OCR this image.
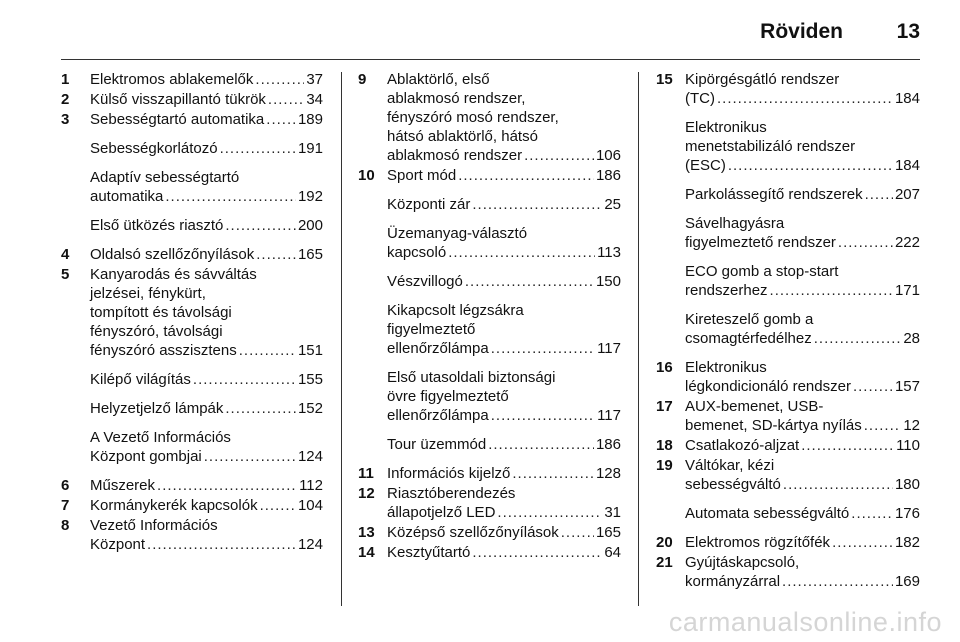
Röviden	13
1 Elektromos ablakemelők .....	37
2 Külső visszapillantó tükrök .....	34
3 Sebességtartó automatika ..... 189
Sebességkorlátozó .....	191
Adaptív sebességtartó
automatika .....	192
Első ütközés riasztó .....	200
4 Oldalsó szellőzőnyílások .....	165
5 Kanyarodás és sávváltás
jelzései, fénykürt,
tompított és távolsági
fényszóró, távolsági
fényszóró asszisztens .....	151
Kilépő világítás .....	155
Helyzetjelző lámpák .....	152
A Vezető Információs
Központ gombjai .....	124
6 Műszerek .....	112
7 Kormánykerék kapcsolók .....	104
8 Vezető Információs
Központ .....	124
9 Ablaktörlő, első
ablakmosó rendszer,
fényszóró mosó rendszer,
hátsó ablaktörlő, hátsó
ablakmosó rendszer .....	106
10 Sport mód .....	186
Központi zár .....	25
Üzemanyag-választó
kapcsoló .....	113
Vészvillogó .....	150
Kikapcsolt légzsákra
figyelmeztető
ellenőrzőlámpa .....	117
Első utasoldali biztonsági
övre figyelmeztető
ellenőrzőlámpa .....	117
Tour üzemmód .....	186
11 Információs kijelző .....	128
12 Riasztóberendezés
állapotjelző LED .....	31
13 Középső szellőzőnyílások ..... 165
14 Kesztyűtartó .....	64
15 Kipörgésgátló rendszer
(TC) .....	184
Elektronikus
menetstabilizáló rendszer
(ESC) .....	184
Parkolássegítő rendszerek ..... 207
Sávelhagyásra
figyelmeztető rendszer .....	222
ECO gomb a stop-start
rendszerhez .....	171
Kireteszelő gomb a
csomagtérfedélhez .....	28
16 Elektronikus
légkondicionáló rendszer .....	157
17 AUX-bemenet, USB-
bemenet, SD-kártya nyílás .....	12
18 Csatlakozó-aljzat .....	110
19 Váltókar, kézi
sebességváltó .....	180
Automata sebességváltó .....	176
20 Elektromos rögzítőfék .....	182
21 Gyújtáskapcsoló,
kormányzárral .....	169
carmanualsonline.info
